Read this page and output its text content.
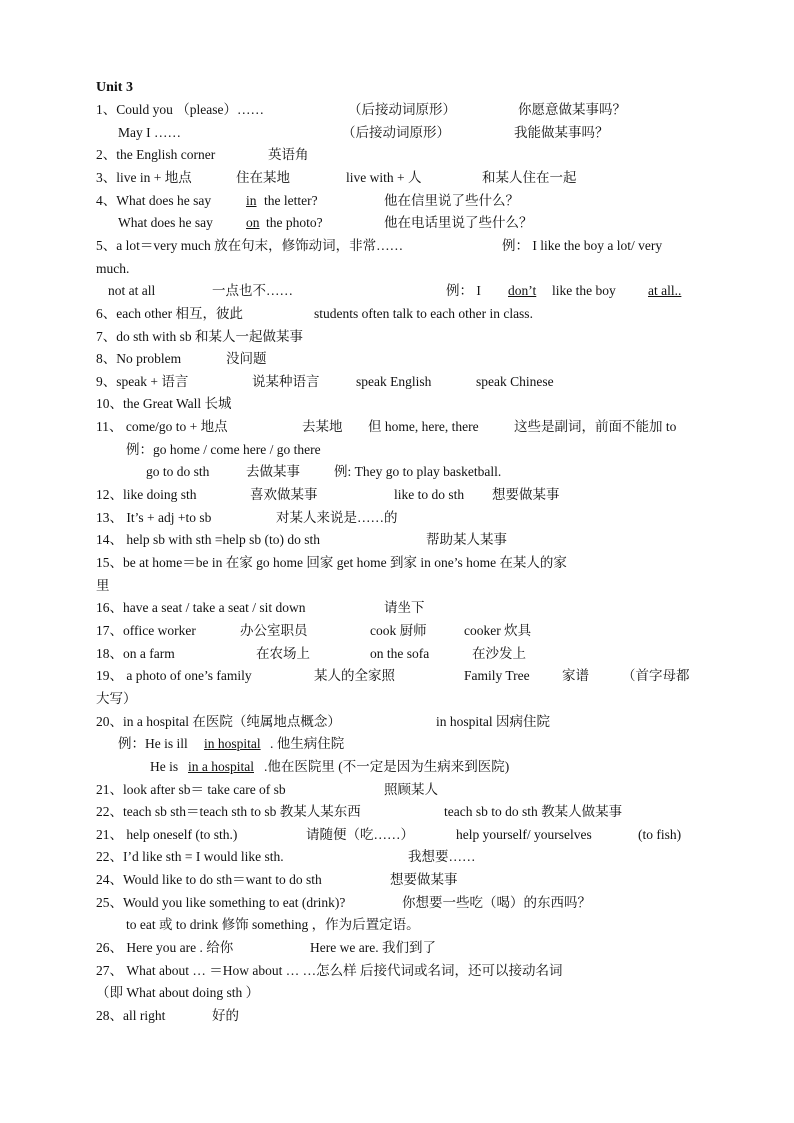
Unit 3
1、Could you （please）……	（后接动词原形）	你愿意做某事吗？
May I ……	（后接动词原形）	我能做某事吗？
2、the English corner	英语角
3、live in + 地点	住在某地	live with + 人	和某人住在一起
4、What does he say	in the letter?	他在信里说了些什么？
What does he say on the photo?	他在电话里说了些什么？
5、a lot＝very much 放在句末，修饰动词，非常……	例： I like the boy a lot/ very
much.
not at all	一点也不……	例： I don’t like the boy at all..
6、each other 相互，彼此	students often talk to each other in class.
7、do sth with sb 和某人一起做某事
8、No problem	没问题
9、speak + 语言	说某种语言	speak English	speak Chinese
10、the Great Wall 长城
11、 come/go to + 地点	去某地 但 home, here, there	这些是副词，前面不能加 to
例：go home / come here / go there
go to do sth	去做某事	例: They go to play basketball.
12、like doing sth	喜欢做某事	like to do sth 想要做某事
13、 It’s + adj +to sb	对某人来说是……的
14、 help sb with sth =help sb (to) do sth	帮助某人某事
15、be at home＝be in 在家 go home 回家 get home 到家 in one’s home 在某人的家
里
16、have a seat / take a seat / sit down	请坐下
17、office worker	办公室职员	cook 厨师	cooker 炊具
18、on a farm	在农场上	on the sofa	在沙发上
19、 a photo of one’s family	某人的全家照	Family Tree 家谱 （首字母都
大写）
20、in a hospital 在医院（纯属地点概念）	in hospital 因病住院
例：He is ill in hospital . 他生病住院
He is in a hospital .他在医院里 (不一定是因为生病来到医院)
21、look after sb＝ take care of sb	照顾某人
22、teach sb sth＝teach sth to sb 教某人某东西	teach sb to do sth 教某人做某事
21、 help oneself (to sth.)	请随便（吃……）	help yourself/ yourselves	(to fish)
22、I’d like sth = I would like sth.	我想要……
24、Would like to do sth＝want to do sth	想要做某事
25、Would you like something to eat (drink)?	你想要一些吃（喝）的东西吗？
to eat 或 to drink 修饰 something ，作为后置定语。
26、 Here you are . 给你	Here we are. 我们到了
27、 What about … ＝How about … …怎么样 后接代词或名词，还可以接动名词
（即 What about doing sth ）
28、all right	好的
